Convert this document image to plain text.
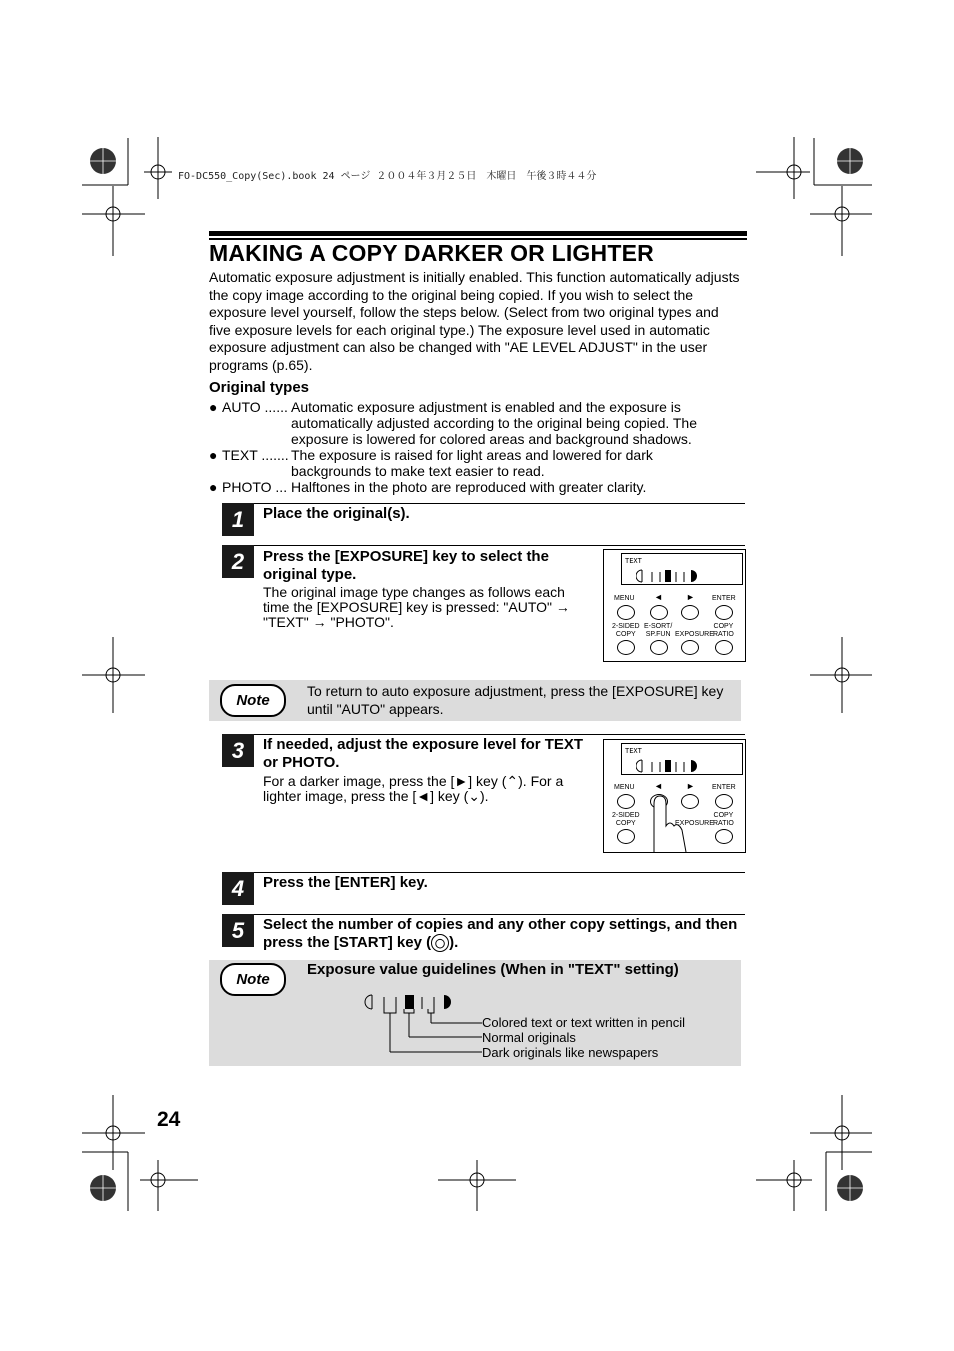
FO-DC550_Copy(Sec).book 24 ページ ２００４年３月２５日　木曜日　午後３時４４分
MAKING A COPY DARKER OR LIGHTER
Automatic exposure adjustment is initially enabled. This function automatically adjusts the copy image according to the original being copied. If you wish to select the exposure level yourself, follow the steps below. (Select from two original types and five exposure levels for each original type.) The exposure level used in automatic exposure adjustment can also be changed with "AE LEVEL ADJUST" in the user programs (p.65).
Original types
● AUTO ...... Automatic exposure adjustment is enabled and the exposure is automatically adjusted according to the original being copied. The exposure is lowered for colored areas and background shadows.
● TEXT ....... The exposure is raised for light areas and lowered for dark backgrounds to make text easier to read.
● PHOTO ... Halftones in the photo are reproduced with greater clarity.
1	Place the original(s).
2	Press the [EXPOSURE] key to select the original type.
The original image type changes as follows each time the [EXPOSURE] key is pressed: "AUTO" → "TEXT" → "PHOTO".
TEXT
MENU ◄	► ENTER
2-SIDED
COPY
E-SORT/
SP.FUN EXPOSURE
COPY
RATIO
Note
To return to auto exposure adjustment, press the [EXPOSURE] key until "AUTO" appears.
3	If needed, adjust the exposure level for TEXT or PHOTO.
For a darker image, press the [►] key (⌃). For a lighter image, press the [◄] key (⌄).
TEXT
MENU ◄	► ENTER
2-SIDED
COPY	EXPOSURE
COPY
RATIO
4	Press the [ENTER] key.
5	Select the number of copies and any other copy settings, and then press the [START] key ( ◯ ).
Note
Exposure value guidelines (When in "TEXT" setting)
Colored text or text written in pencil
Normal originals
Dark originals like newspapers
24
